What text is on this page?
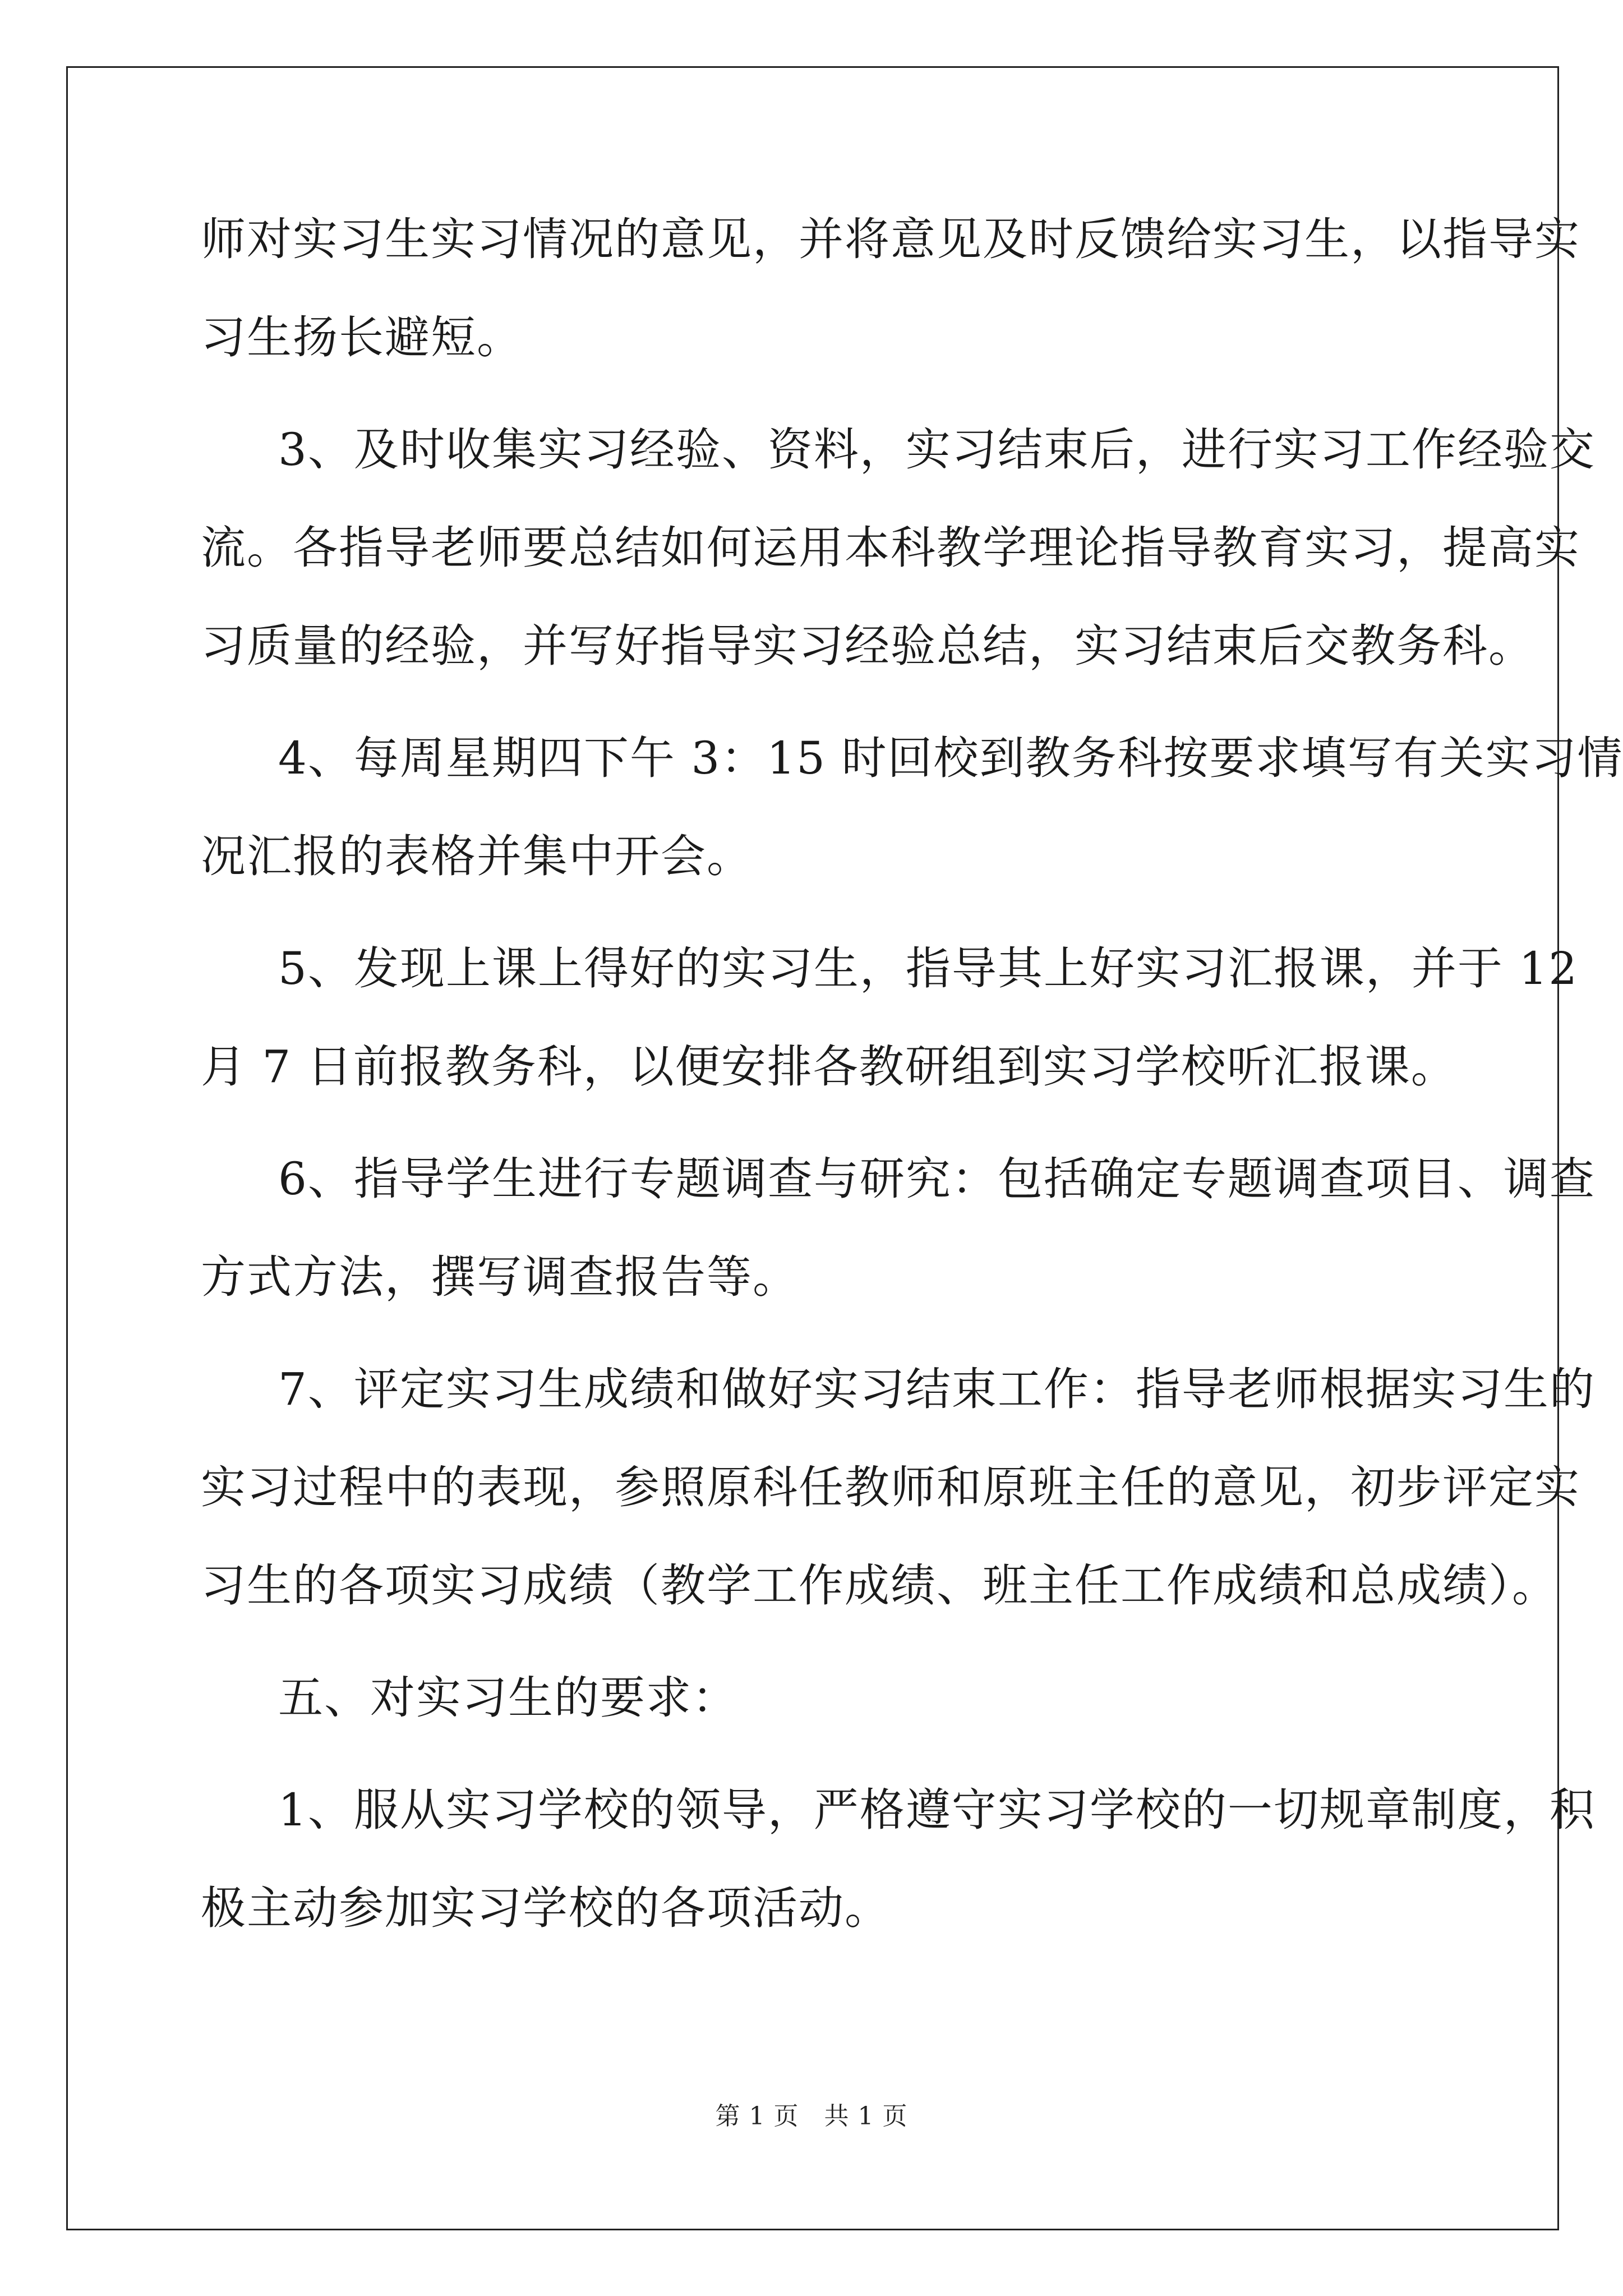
师对实习生实习情况的意见，并将意见及时反馈给实习生，以指导实
习生扬长避短。
3、及时收集实习经验、资料，实习结束后，进行实习工作经验交
流。各指导老师要总结如何运用本科教学理论指导教育实习，提高实
习质量的经验，并写好指导实习经验总结，实习结束后交教务科。
4、每周星期四下午 3：15 时回校到教务科按要求填写有关实习情
况汇报的表格并集中开会。
5、发现上课上得好的实习生，指导其上好实习汇报课，并于 12
月 7 日前报教务科，以便安排各教研组到实习学校听汇报课。
6、指导学生进行专题调查与研究：包括确定专题调查项目、调查
方式方法，撰写调查报告等。
7、评定实习生成绩和做好实习结束工作：指导老师根据实习生的
实习过程中的表现，参照原科任教师和原班主任的意见，初步评定实
习生的各项实习成绩（教学工作成绩、班主任工作成绩和总成绩）。
五、对实习生的要求：
1、服从实习学校的领导，严格遵守实习学校的一切规章制度，积
极主动参加实习学校的各项活动。
第 1 页　共 1 页
